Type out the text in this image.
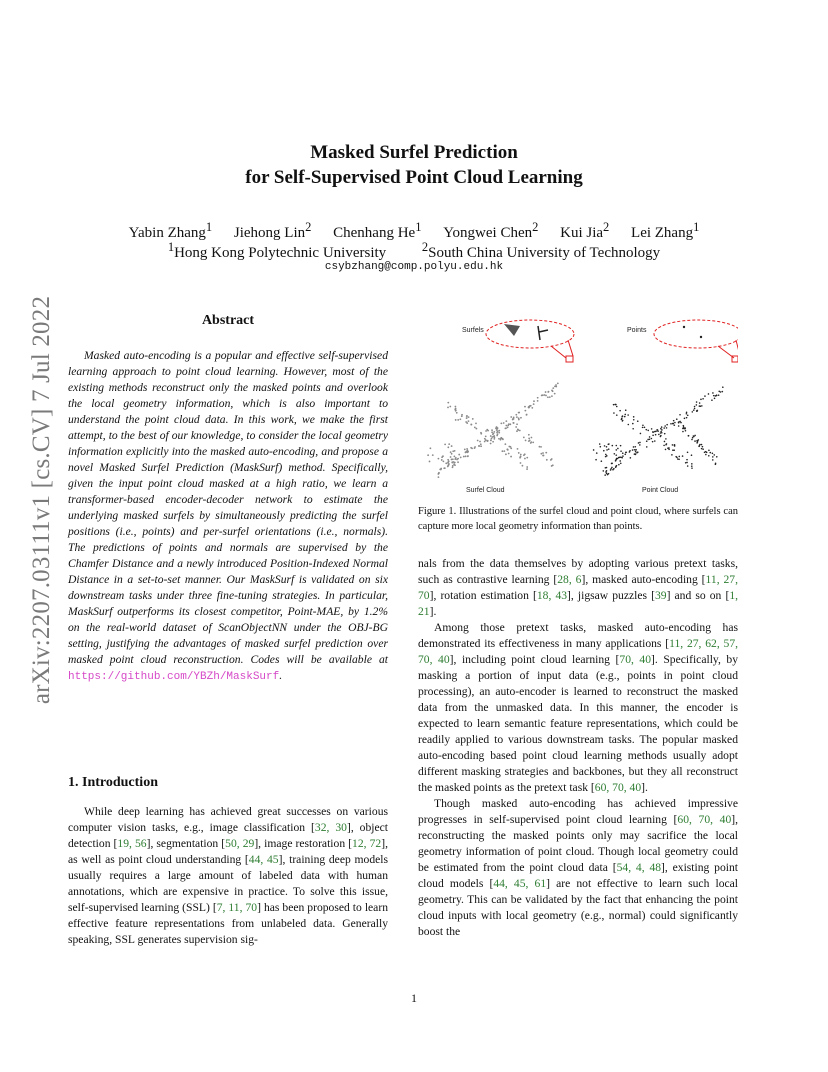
arXiv:2207.03111v1 [cs.CV] 7 Jul 2022
Masked Surfel Prediction
for Self-Supervised Point Cloud Learning
Yabin Zhang$^1$ Jiehong Lin$^2$ Chenhang He$^1$ Yongwei Chen$^2$ Kui Jia$^2$ Lei Zhang$^1$
$^1$Hong Kong Polytechnic University	$^2$South China University of Technology
csybzhang@comp.polyu.edu.hk
Abstract

Masked auto-encoding is a popular and effective self-supervised learning approach to point cloud learning. However, most of the existing methods reconstruct only the masked points and overlook the local geometry information, which is also important to understand the point cloud data. In this work, we make the first attempt, to the best of our knowledge, to consider the local geometry information explicitly into the masked auto-encoding, and propose a novel Masked Surfel Prediction (MaskSurf) method. Specifically, given the input point cloud masked at a high ratio, we learn a transformer-based encoder-decoder network to estimate the underlying masked surfels by simultaneously predicting the surfel positions (i.e., points) and per-surfel orientations (i.e., normals). The predictions of points and normals are supervised by the Chamfer Distance and a newly introduced Position-Indexed Normal Distance in a set-to-set manner. Our MaskSurf is validated on six downstream tasks under three fine-tuning strategies. In particular, MaskSurf outperforms its closest competitor, Point-MAE, by 1.2% on the real-world dataset of ScanObjectNN under the OBJ-BG setting, justifying the advantages of masked surfel prediction over masked point cloud reconstruction. Codes will be available at https://github.com/YBZh/MaskSurf.

1. Introduction

While deep learning has achieved great successes on various computer vision tasks, e.g., image classification [32, 30], object detection [19, 56], segmentation [50, 29], image restoration [12, 72], as well as point cloud understanding [44, 45], training deep models usually requires a large amount of labeled data with human annotations, which are expensive in practice. To solve this issue, self-supervised learning (SSL) [7, 11, 70] has been proposed to learn effective feature representations from unlabeled data. Generally speaking, SSL generates supervision sig-

Surfels	Points
Surfel Cloud	Point Cloud
Figure 1. Illustrations of the surfel cloud and point cloud, where surfels can capture more local geometry information than points.

nals from the data themselves by adopting various pretext tasks, such as contrastive learning [28, 6], masked auto-encoding [11, 27, 70], rotation estimation [18, 43], jigsaw puzzles [39] and so on [1, 21].

Among those pretext tasks, masked auto-encoding has demonstrated its effectiveness in many applications [11, 27, 62, 57, 70, 40], including point cloud learning [70, 40]. Specifically, by masking a portion of input data (e.g., points in point cloud processing), an auto-encoder is learned to reconstruct the masked data from the unmasked data. In this manner, the encoder is expected to learn semantic feature representations, which could be readily applied to various downstream tasks. The popular masked auto-encoding based point cloud learning methods usually adopt different masking strategies and backbones, but they all reconstruct the masked points as the pretext task [60, 70, 40].

Though masked auto-encoding has achieved impressive progresses in self-supervised point cloud learning [60, 70, 40], reconstructing the masked points only may sacrifice the local geometry information of point cloud. Though local geometry could be estimated from the point cloud data [54, 4, 48], existing point cloud models [44, 45, 61] are not effective to learn such local geometry. This can be validated by the fact that enhancing the point cloud inputs with local geometry (e.g., normal) could significantly boost the

1
